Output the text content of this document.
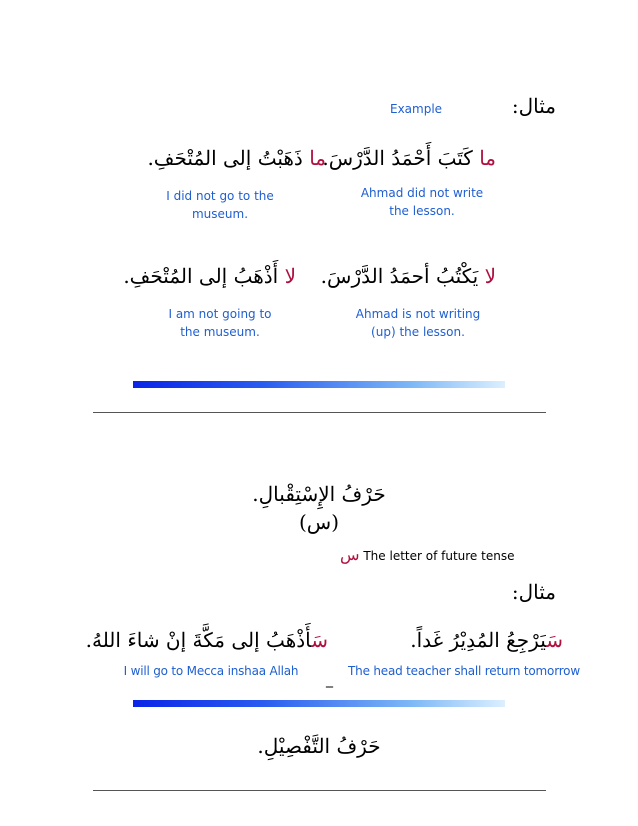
Example	مثال:
ما كَتَبَ أَحْمَدُ الدَّرْسَ.
ما ذَهَبْتُ إلى المُتْحَفِ.
Ahmad did not write
the lesson.
I did not go to the
museum.
لا يَكْتُبُ أحمَدُ الدَّرْسَ.
لا أَذْهَبُ إلى المُتْحَفِ.
Ahmad is not writing
(up) the lesson.
I am not going to
the museum.
حَرْفُ الإِسْتِقْبالِ.
(س)
س The letter of future tense
مثال:
سَيَرْجِعُ المُدِيْرُ غَداً.
سَأَذْهَبُ إلى مَكَّةَ إنْ شاءَ اللهُ.
The head teacher shall return tomorrow
I will go to Mecca inshaa Allah
_
حَرْفُ التَّفْصِيْلِ.
